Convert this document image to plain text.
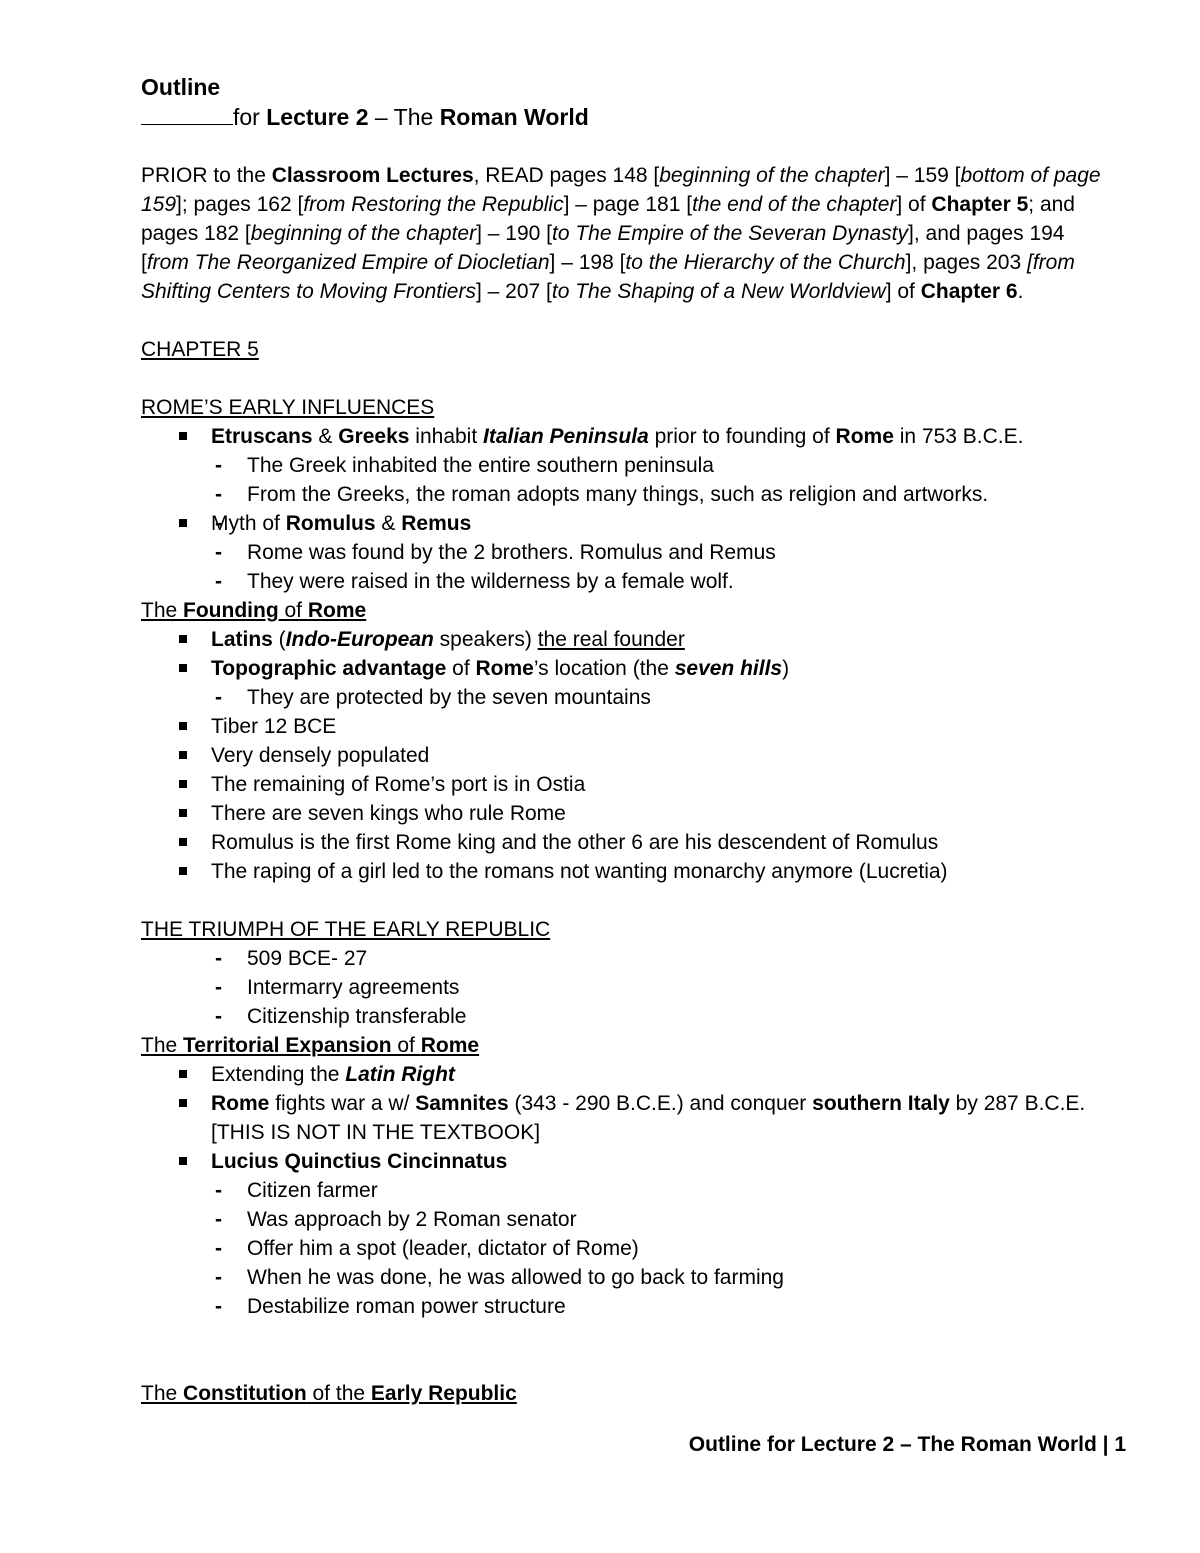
Outline
for Lecture 2 – The Roman World
PRIOR to the Classroom Lectures, READ pages 148 [beginning of the chapter] – 159 [bottom of page
159]; pages 162 [from Restoring the Republic] – page 181 [the end of the chapter] of Chapter 5; and
pages 182 [beginning of the chapter] – 190 [to The Empire of the Severan Dynasty], and pages 194
[from The Reorganized Empire of Diocletian] – 198 [to the Hierarchy of the Church], pages 203 [from
Shifting Centers to Moving Frontiers] – 207 [to The Shaping of a New Worldview] of Chapter 6.
CHAPTER 5
ROME’S EARLY INFLUENCES
Etruscans & Greeks inhabit Italian Peninsula prior to founding of Rome in 753 B.C.E.
- The Greek inhabited the entire southern peninsula
- From the Greeks, the roman adopts many things, such as religion and artworks.
Myth of Romulus & Remus
- Rome was found by the 2 brothers. Romulus and Remus
- They were raised in the wilderness by a female wolf.
The Founding of Rome
Latins (Indo-European speakers) the real founder
Topographic advantage of Rome’s location (the seven hills)
- They are protected by the seven mountains
Tiber 12 BCE
Very densely populated
The remaining of Rome’s port is in Ostia
There are seven kings who rule Rome
Romulus is the first Rome king and the other 6 are his descendent of Romulus
The raping of a girl led to the romans not wanting monarchy anymore (Lucretia)
THE TRIUMPH OF THE EARLY REPUBLIC
- 509 BCE- 27
- Intermarry agreements
- Citizenship transferable
The Territorial Expansion of Rome
Extending the Latin Right
Rome fights war a w/ Samnites (343 - 290 B.C.E.) and conquer southern Italy by 287 B.C.E.
[THIS IS NOT IN THE TEXTBOOK]
Lucius Quinctius Cincinnatus
- Citizen farmer
- Was approach by 2 Roman senator
- Offer him a spot (leader, dictator of Rome)
- When he was done, he was allowed to go back to farming
- Destabilize roman power structure
The Constitution of the Early Republic
Outline for Lecture 2 – The Roman World | 1
